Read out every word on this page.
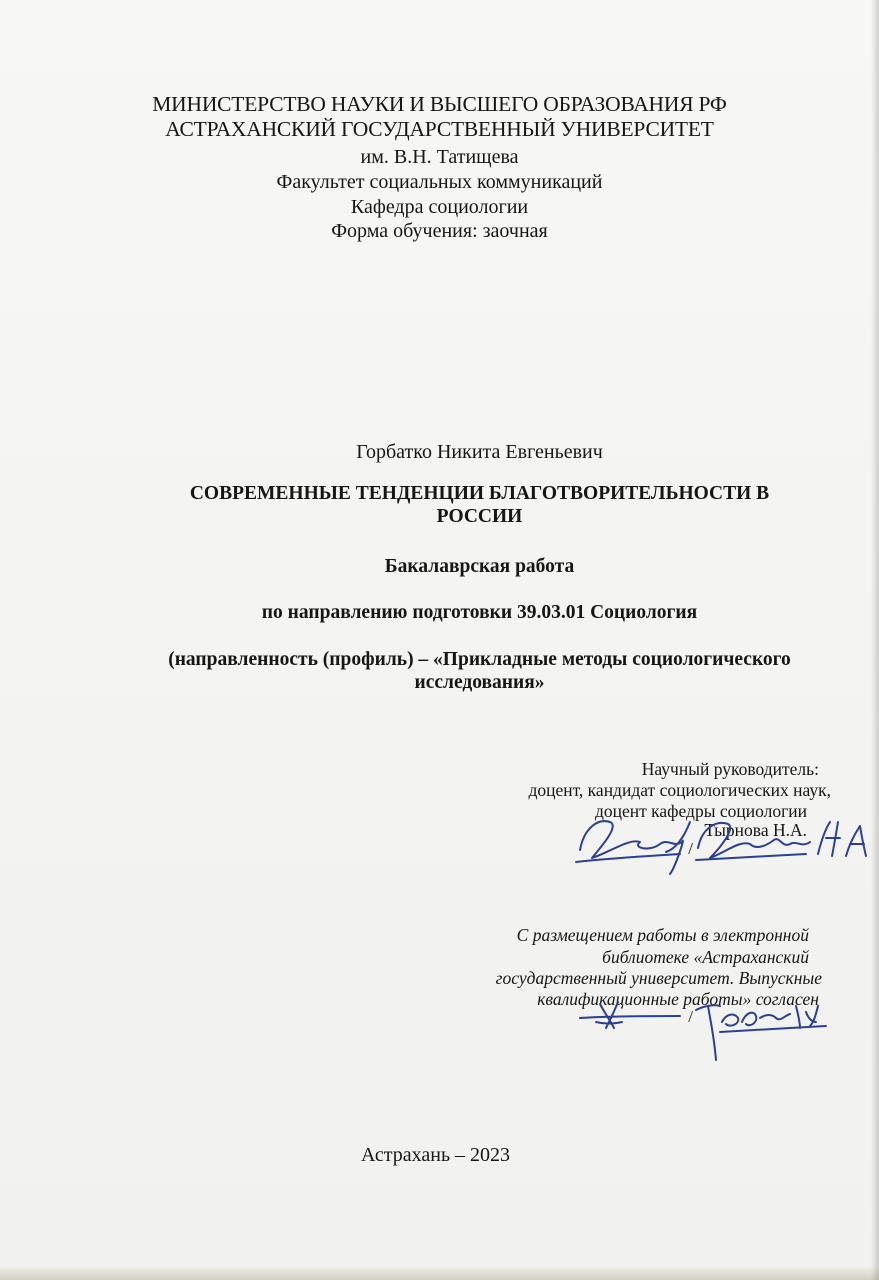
МИНИСТЕРСТВО НАУКИ И ВЫСШЕГО ОБРАЗОВАНИЯ РФ
АСТРАХАНСКИЙ ГОСУДАРСТВЕННЫЙ УНИВЕРСИТЕТ
им. В.Н. Татищева
Факультет социальных коммуникаций
Кафедра социологии
Форма обучения: заочная
Горбатко Никита Евгеньевич
СОВРЕМЕННЫЕ ТЕНДЕНЦИИ БЛАГОТВОРИТЕЛЬНОСТИ В
РОССИИ
Бакалаврская работа
по направлению подготовки 39.03.01 Социология
(направленность (профиль) – «Прикладные методы социологического
исследования»
Научный руководитель:
доцент, кандидат социологических наук,
доцент кафедры социологии
Тырнова Н.А.
/
С размещением работы в электронной
библиотеке «Астраханский
государственный университет. Выпускные
квалификационные работы» согласен
/
Астрахань – 2023
